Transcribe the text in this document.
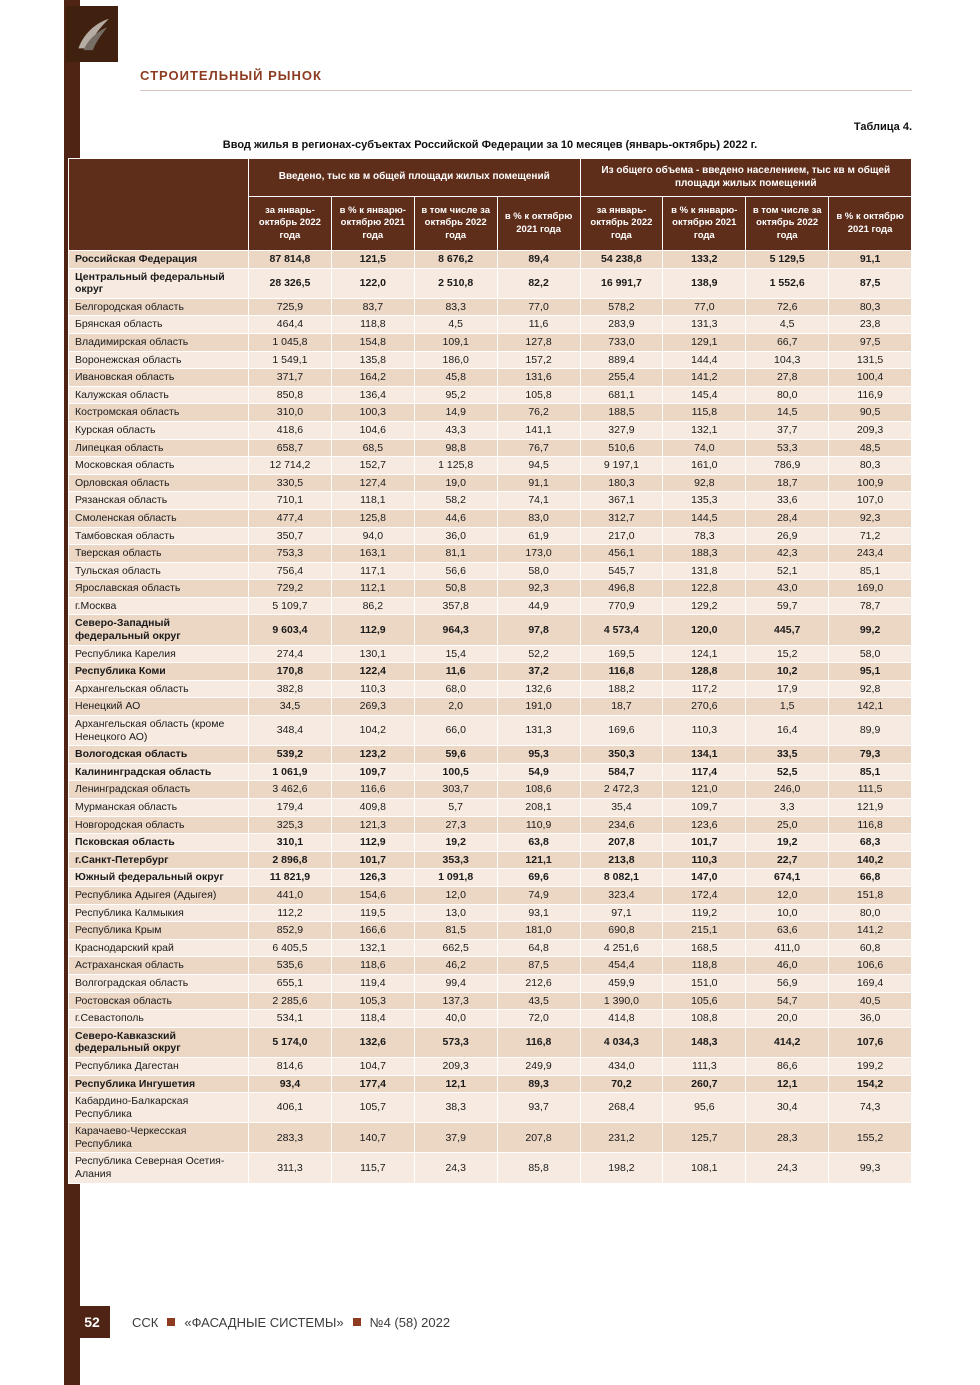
СТРОИТЕЛЬНЫЙ РЫНОК
Таблица 4.
Ввод жилья в регионах-субъектах Российской Федерации за 10 месяцев (январь-октябрь) 2022 г.
	Введено, тыс кв м общей площади жилых помещений				Из общего объема - введено населением, тыс кв м общей площади жилых помещений			
	за январь-октябрь 2022 года	в % к январю-октябрю 2021 года	в том числе за октябрь 2022 года	в % к октябрю 2021 года	за январь-октябрь 2022 года	в % к январю-октябрю 2021 года	в том числе за октябрь 2022 года	в % к октябрю 2021 года
Российская Федерация	87 814,8	121,5	8 676,2	89,4	54 238,8	133,2	5 129,5	91,1
Центральный федеральный округ	28 326,5	122,0	2 510,8	82,2	16 991,7	138,9	1 552,6	87,5
Белгородская область	725,9	83,7	83,3	77,0	578,2	77,0	72,6	80,3
Брянская область	464,4	118,8	4,5	11,6	283,9	131,3	4,5	23,8
Владимирская область	1 045,8	154,8	109,1	127,8	733,0	129,1	66,7	97,5
Воронежская область	1 549,1	135,8	186,0	157,2	889,4	144,4	104,3	131,5
Ивановская область	371,7	164,2	45,8	131,6	255,4	141,2	27,8	100,4
Калужская область	850,8	136,4	95,2	105,8	681,1	145,4	80,0	116,9
Костромская область	310,0	100,3	14,9	76,2	188,5	115,8	14,5	90,5
Курская область	418,6	104,6	43,3	141,1	327,9	132,1	37,7	209,3
Липецкая область	658,7	68,5	98,8	76,7	510,6	74,0	53,3	48,5
Московская область	12 714,2	152,7	1 125,8	94,5	9 197,1	161,0	786,9	80,3
Орловская область	330,5	127,4	19,0	91,1	180,3	92,8	18,7	100,9
Рязанская область	710,1	118,1	58,2	74,1	367,1	135,3	33,6	107,0
Смоленская область	477,4	125,8	44,6	83,0	312,7	144,5	28,4	92,3
Тамбовская область	350,7	94,0	36,0	61,9	217,0	78,3	26,9	71,2
Тверская область	753,3	163,1	81,1	173,0	456,1	188,3	42,3	243,4
Тульская область	756,4	117,1	56,6	58,0	545,7	131,8	52,1	85,1
Ярославская область	729,2	112,1	50,8	92,3	496,8	122,8	43,0	169,0
г.Москва	5 109,7	86,2	357,8	44,9	770,9	129,2	59,7	78,7
Северо-Западный федеральный округ	9 603,4	112,9	964,3	97,8	4 573,4	120,0	445,7	99,2
Республика Карелия	274,4	130,1	15,4	52,2	169,5	124,1	15,2	58,0
Республика Коми	170,8	122,4	11,6	37,2	116,8	128,8	10,2	95,1
Архангельская область	382,8	110,3	68,0	132,6	188,2	117,2	17,9	92,8
Ненецкий АО	34,5	269,3	2,0	191,0	18,7	270,6	1,5	142,1
Архангельская область (кроме Ненецкого АО)	348,4	104,2	66,0	131,3	169,6	110,3	16,4	89,9
Вологодская область	539,2	123,2	59,6	95,3	350,3	134,1	33,5	79,3
Калининградская область	1 061,9	109,7	100,5	54,9	584,7	117,4	52,5	85,1
Ленинградская область	3 462,6	116,6	303,7	108,6	2 472,3	121,0	246,0	111,5
Мурманская область	179,4	409,8	5,7	208,1	35,4	109,7	3,3	121,9
Новгородская область	325,3	121,3	27,3	110,9	234,6	123,6	25,0	116,8
Псковская область	310,1	112,9	19,2	63,8	207,8	101,7	19,2	68,3
г.Санкт-Петербург	2 896,8	101,7	353,3	121,1	213,8	110,3	22,7	140,2
Южный федеральный округ	11 821,9	126,3	1 091,8	69,6	8 082,1	147,0	674,1	66,8
Республика Адыгея (Адыгея)	441,0	154,6	12,0	74,9	323,4	172,4	12,0	151,8
Республика Калмыкия	112,2	119,5	13,0	93,1	97,1	119,2	10,0	80,0
Республика Крым	852,9	166,6	81,5	181,0	690,8	215,1	63,6	141,2
Краснодарский край	6 405,5	132,1	662,5	64,8	4 251,6	168,5	411,0	60,8
Астраханская область	535,6	118,6	46,2	87,5	454,4	118,8	46,0	106,6
Волгоградская область	655,1	119,4	99,4	212,6	459,9	151,0	56,9	169,4
Ростовская область	2 285,6	105,3	137,3	43,5	1 390,0	105,6	54,7	40,5
г.Севастополь	534,1	118,4	40,0	72,0	414,8	108,8	20,0	36,0
Северо-Кавказский федеральный округ	5 174,0	132,6	573,3	116,8	4 034,3	148,3	414,2	107,6
Республика Дагестан	814,6	104,7	209,3	249,9	434,0	111,3	86,6	199,2
Республика Ингушетия	93,4	177,4	12,1	89,3	70,2	260,7	12,1	154,2
Кабардино-Балкарская Республика	406,1	105,7	38,3	93,7	268,4	95,6	30,4	74,3
Карачаево-Черкесская Республика	283,3	140,7	37,9	207,8	231,2	125,7	28,3	155,2
Республика Северная Осетия-Алания	311,3	115,7	24,3	85,8	198,2	108,1	24,3	99,3
52	ССК «ФАСАДНЫЕ СИСТЕМЫ» №4 (58) 2022
